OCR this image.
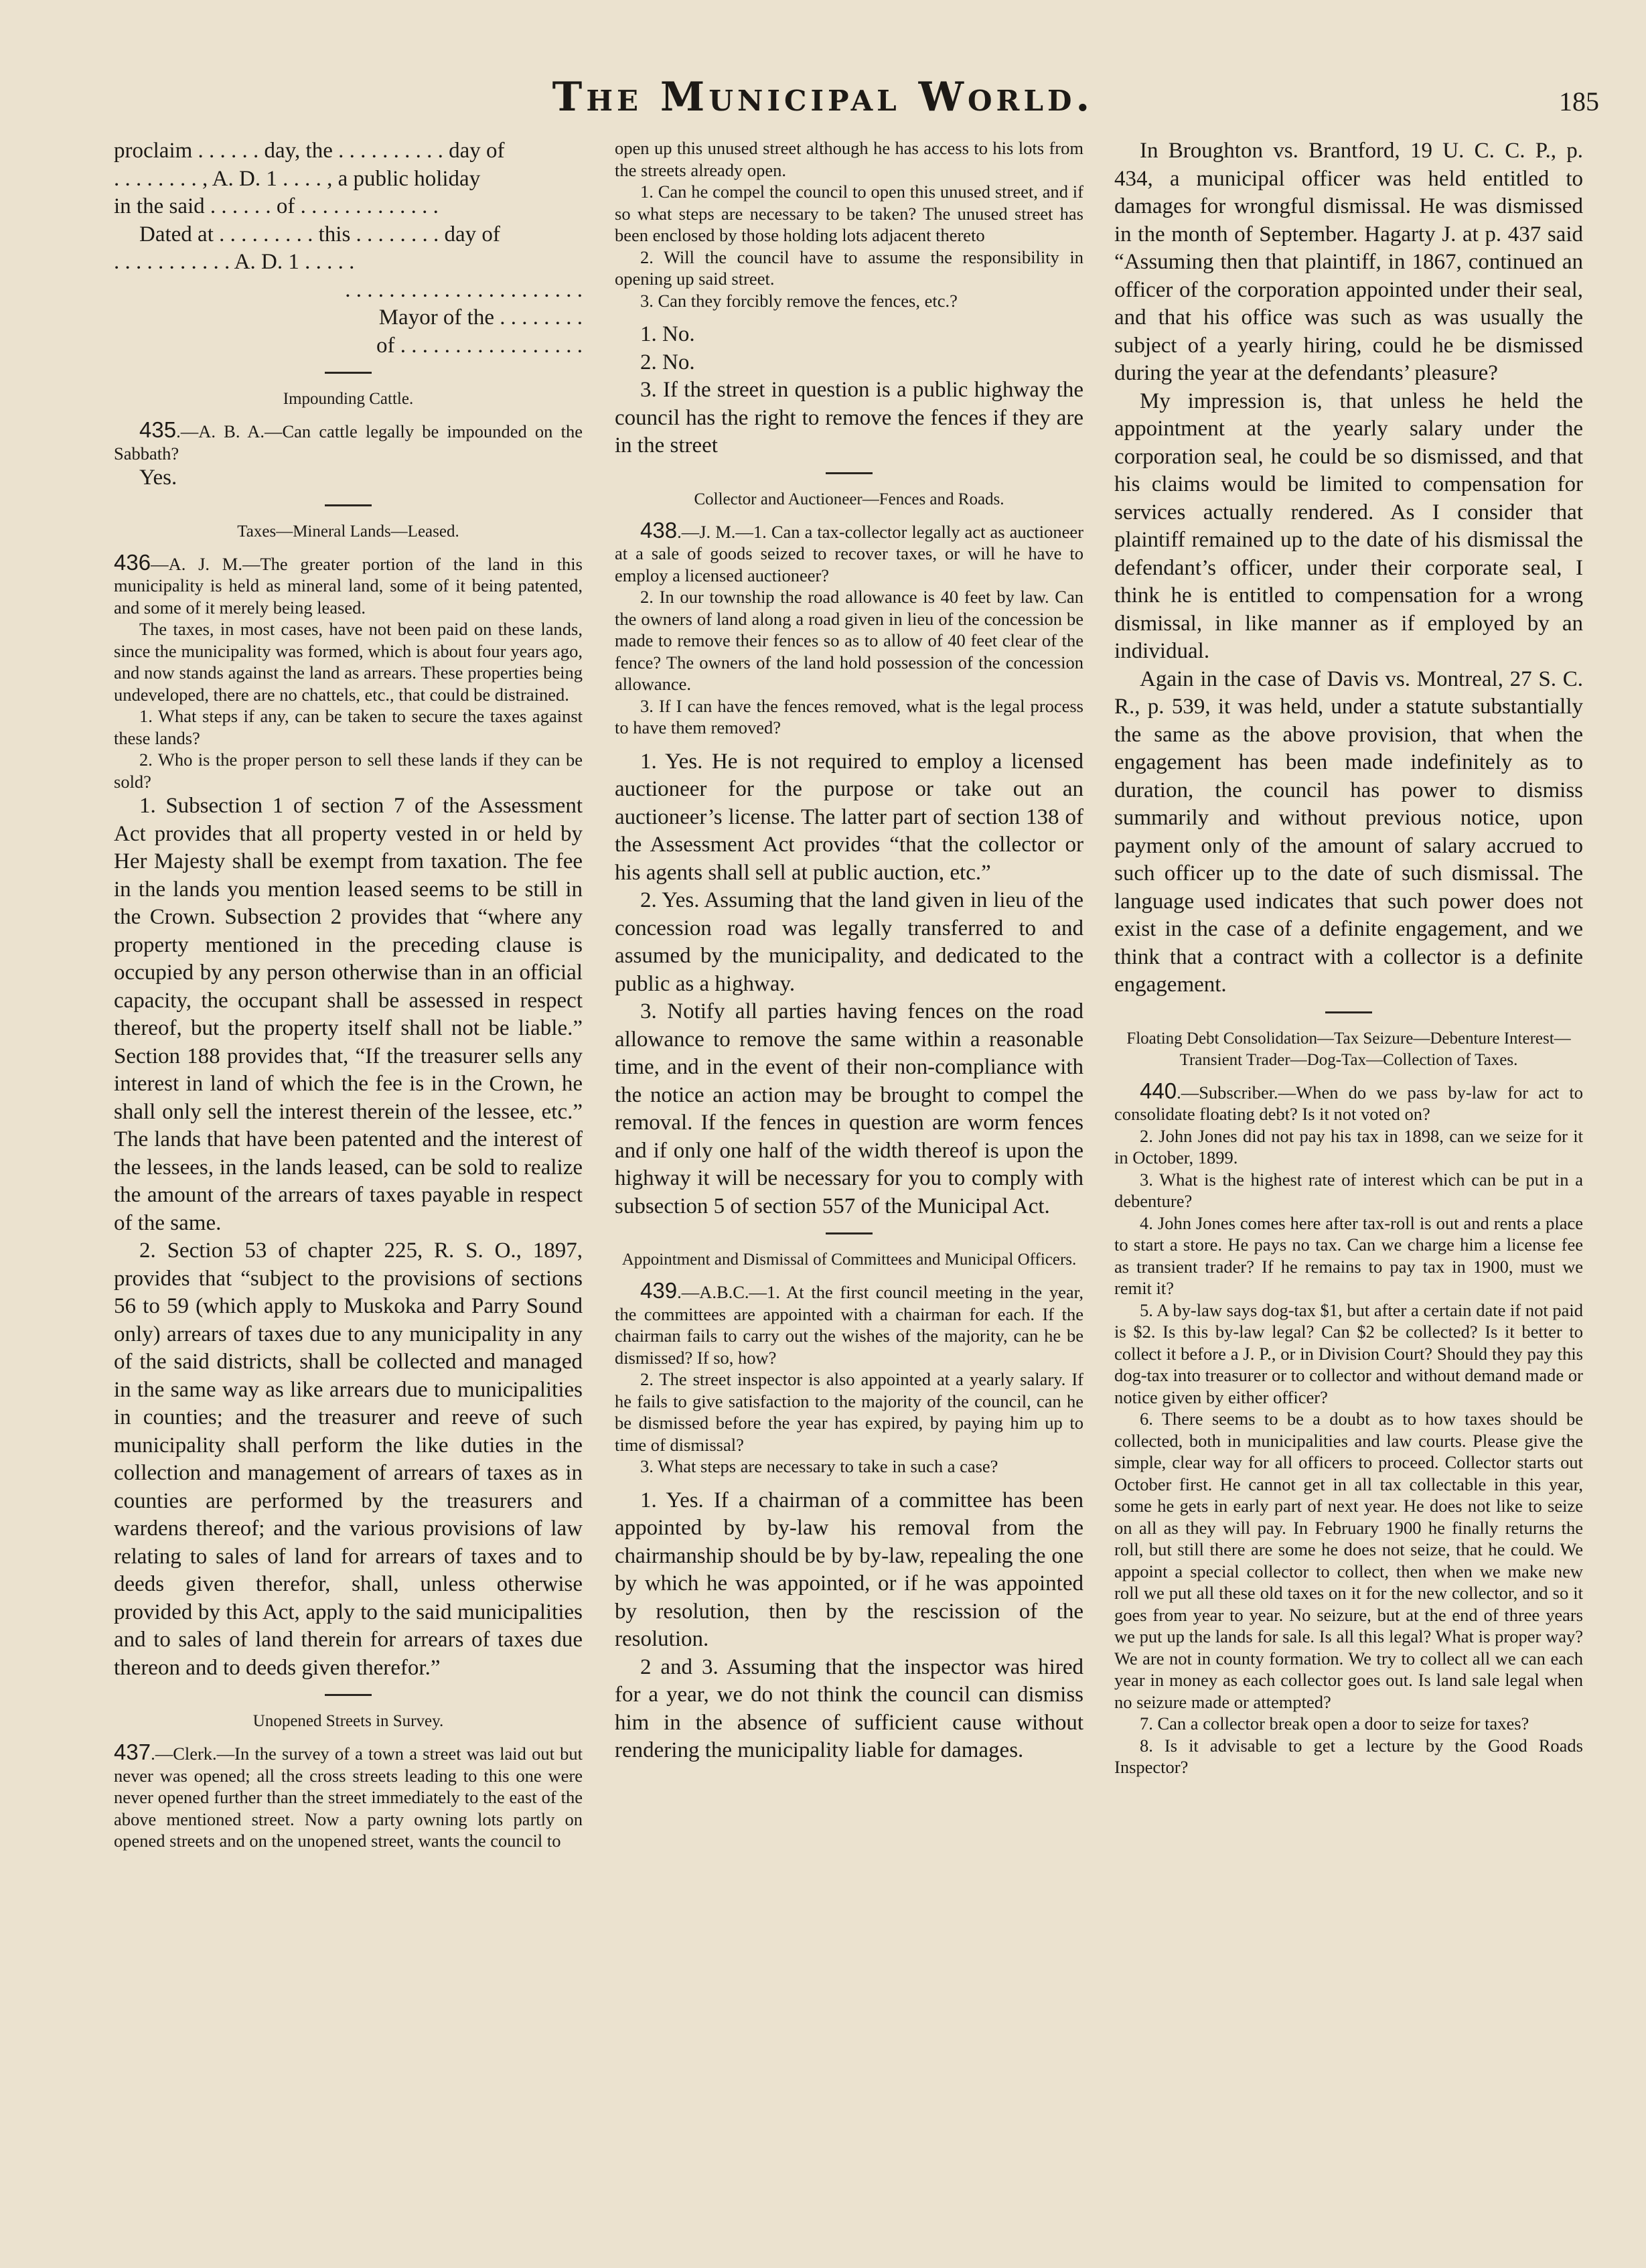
The Municipal World.	185

proclaim . . . . . . day, the . . . . . . . . . . day of

. . . . . . . . , A. D. 1 . . . . , a public holiday

in the said . . . . . . of . . . . . . . . . . . . .

Dated at . . . . . . . . . this . . . . . . . . day of

. . . . . . . . . . . A. D. 1 . . . . .

. . . . . . . . . . . . . . . . . . . . . .

Mayor of the . . . . . . . .

of . . . . . . . . . . . . . . . . .

Impounding Cattle.

435.—A. B. A.—Can cattle legally be impounded on the Sabbath?

Yes.

Taxes—Mineral Lands—Leased.

436—A. J. M.—The greater portion of the land in this municipality is held as mineral land, some of it being patented, and some of it merely being leased.

The taxes, in most cases, have not been paid on these lands, since the municipality was formed, which is about four years ago, and now stands against the land as arrears. These properties being undeveloped, there are no chattels, etc., that could be distrained.

1. What steps if any, can be taken to secure the taxes against these lands?

2. Who is the proper person to sell these lands if they can be sold?

1. Subsection 1 of section 7 of the Assessment Act provides that all property vested in or held by Her Majesty shall be exempt from taxation. The fee in the lands you mention leased seems to be still in the Crown. Subsection 2 provides that “where any property mentioned in the preceding clause is occupied by any person otherwise than in an official capacity, the occupant shall be assessed in respect thereof, but the property itself shall not be liable.” Section 188 provides that, “If the treasurer sells any interest in land of which the fee is in the Crown, he shall only sell the interest therein of the lessee, etc.” The lands that have been patented and the interest of the lessees, in the lands leased, can be sold to realize the amount of the arrears of taxes payable in respect of the same.

2. Section 53 of chapter 225, R. S. O., 1897, provides that “subject to the provisions of sections 56 to 59 (which apply to Muskoka and Parry Sound only) arrears of taxes due to any municipality in any of the said districts, shall be collected and managed in the same way as like arrears due to municipalities in counties; and the treasurer and reeve of such municipality shall perform the like duties in the collection and management of arrears of taxes as in counties are performed by the treasurers and wardens thereof; and the various provisions of law relating to sales of land for arrears of taxes and to deeds given therefor, shall, unless otherwise provided by this Act, apply to the said municipalities and to sales of land therein for arrears of taxes due thereon and to deeds given therefor.”

Unopened Streets in Survey.

437.—Clerk.—In the survey of a town a street was laid out but never was opened; all the cross streets leading to this one were never opened further than the street immediately to the east of the above mentioned street. Now a party owning lots partly on opened streets and on the unopened street, wants the council to

open up this unused street although he has access to his lots from the streets already open.

1. Can he compel the council to open this unused street, and if so what steps are necessary to be taken? The unused street has been enclosed by those holding lots adjacent thereto

2. Will the council have to assume the responsibility in opening up said street.

3. Can they forcibly remove the fences, etc.?

1. No.

2. No.

3. If the street in question is a public highway the council has the right to remove the fences if they are in the street

Collector and Auctioneer—Fences and Roads.

438.—J. M.—1. Can a tax-collector legally act as auctioneer at a sale of goods seized to recover taxes, or will he have to employ a licensed auctioneer?

2. In our township the road allowance is 40 feet by law. Can the owners of land along a road given in lieu of the concession be made to remove their fences so as to allow of 40 feet clear of the fence? The owners of the land hold possession of the concession allowance.

3. If I can have the fences removed, what is the legal process to have them removed?

1. Yes. He is not required to employ a licensed auctioneer for the purpose or take out an auctioneer’s license. The latter part of section 138 of the Assessment Act provides “that the collector or his agents shall sell at public auction, etc.”

2. Yes. Assuming that the land given in lieu of the concession road was legally transferred to and assumed by the municipality, and dedicated to the public as a highway.

3. Notify all parties having fences on the road allowance to remove the same within a reasonable time, and in the event of their non-compliance with the notice an action may be brought to compel the removal. If the fences in question are worm fences and if only one half of the width thereof is upon the highway it will be necessary for you to comply with subsection 5 of section 557 of the Municipal Act.

Appointment and Dismissal of Committees and Municipal Officers.

439.—A.B.C.—1. At the first council meeting in the year, the committees are appointed with a chairman for each. If the chairman fails to carry out the wishes of the majority, can he be dismissed? If so, how?

2. The street inspector is also appointed at a yearly salary. If he fails to give satisfaction to the majority of the council, can he be dismissed before the year has expired, by paying him up to time of dismissal?

3. What steps are necessary to take in such a case?

1. Yes. If a chairman of a committee has been appointed by by-law his removal from the chairmanship should be by by-law, repealing the one by which he was appointed, or if he was appointed by resolution, then by the rescission of the resolution.

2 and 3. Assuming that the inspector was hired for a year, we do not think the council can dismiss him in the absence of sufficient cause without rendering the municipality liable for damages.

In Broughton vs. Brantford, 19 U. C. C. P., p. 434, a municipal officer was held entitled to damages for wrongful dismissal. He was dismissed in the month of September. Hagarty J. at p. 437 said “Assuming then that plaintiff, in 1867, continued an officer of the corporation appointed under their seal, and that his office was such as was usually the subject of a yearly hiring, could he be dismissed during the year at the defendants’ pleasure?

My impression is, that unless he held the appointment at the yearly salary under the corporation seal, he could be so dismissed, and that his claims would be limited to compensation for services actually rendered. As I consider that plaintiff remained up to the date of his dismissal the defendant’s officer, under their corporate seal, I think he is entitled to compensation for a wrong dismissal, in like manner as if employed by an individual.

Again in the case of Davis vs. Montreal, 27 S. C. R., p. 539, it was held, under a statute substantially the same as the above provision, that when the engagement has been made indefinitely as to duration, the council has power to dismiss summarily and without previous notice, upon payment only of the amount of salary accrued to such officer up to the date of such dismissal. The language used indicates that such power does not exist in the case of a definite engagement, and we think that a contract with a collector is a definite engagement.

Floating Debt Consolidation—Tax Seizure—Debenture Interest—Transient Trader—Dog-Tax—Collection of Taxes.

440.—Subscriber.—When do we pass by-law for act to consolidate floating debt? Is it not voted on?

2. John Jones did not pay his tax in 1898, can we seize for it in October, 1899.

3. What is the highest rate of interest which can be put in a debenture?

4. John Jones comes here after tax-roll is out and rents a place to start a store. He pays no tax. Can we charge him a license fee as transient trader? If he remains to pay tax in 1900, must we remit it?

5. A by-law says dog-tax $1, but after a certain date if not paid is $2. Is this by-law legal? Can $2 be collected? Is it better to collect it before a J. P., or in Division Court? Should they pay this dog-tax into treasurer or to collector and without demand made or notice given by either officer?

6. There seems to be a doubt as to how taxes should be collected, both in municipalities and law courts. Please give the simple, clear way for all officers to proceed. Collector starts out October first. He cannot get in all tax collectable in this year, some he gets in early part of next year. He does not like to seize on all as they will pay. In February 1900 he finally returns the roll, but still there are some he does not seize, that he could. We appoint a special collector to collect, then when we make new roll we put all these old taxes on it for the new collector, and so it goes from year to year. No seizure, but at the end of three years we put up the lands for sale. Is all this legal? What is proper way? We are not in county formation. We try to collect all we can each year in money as each collector goes out. Is land sale legal when no seizure made or attempted?

7. Can a collector break open a door to seize for taxes?

8. Is it advisable to get a lecture by the Good Roads Inspector?
